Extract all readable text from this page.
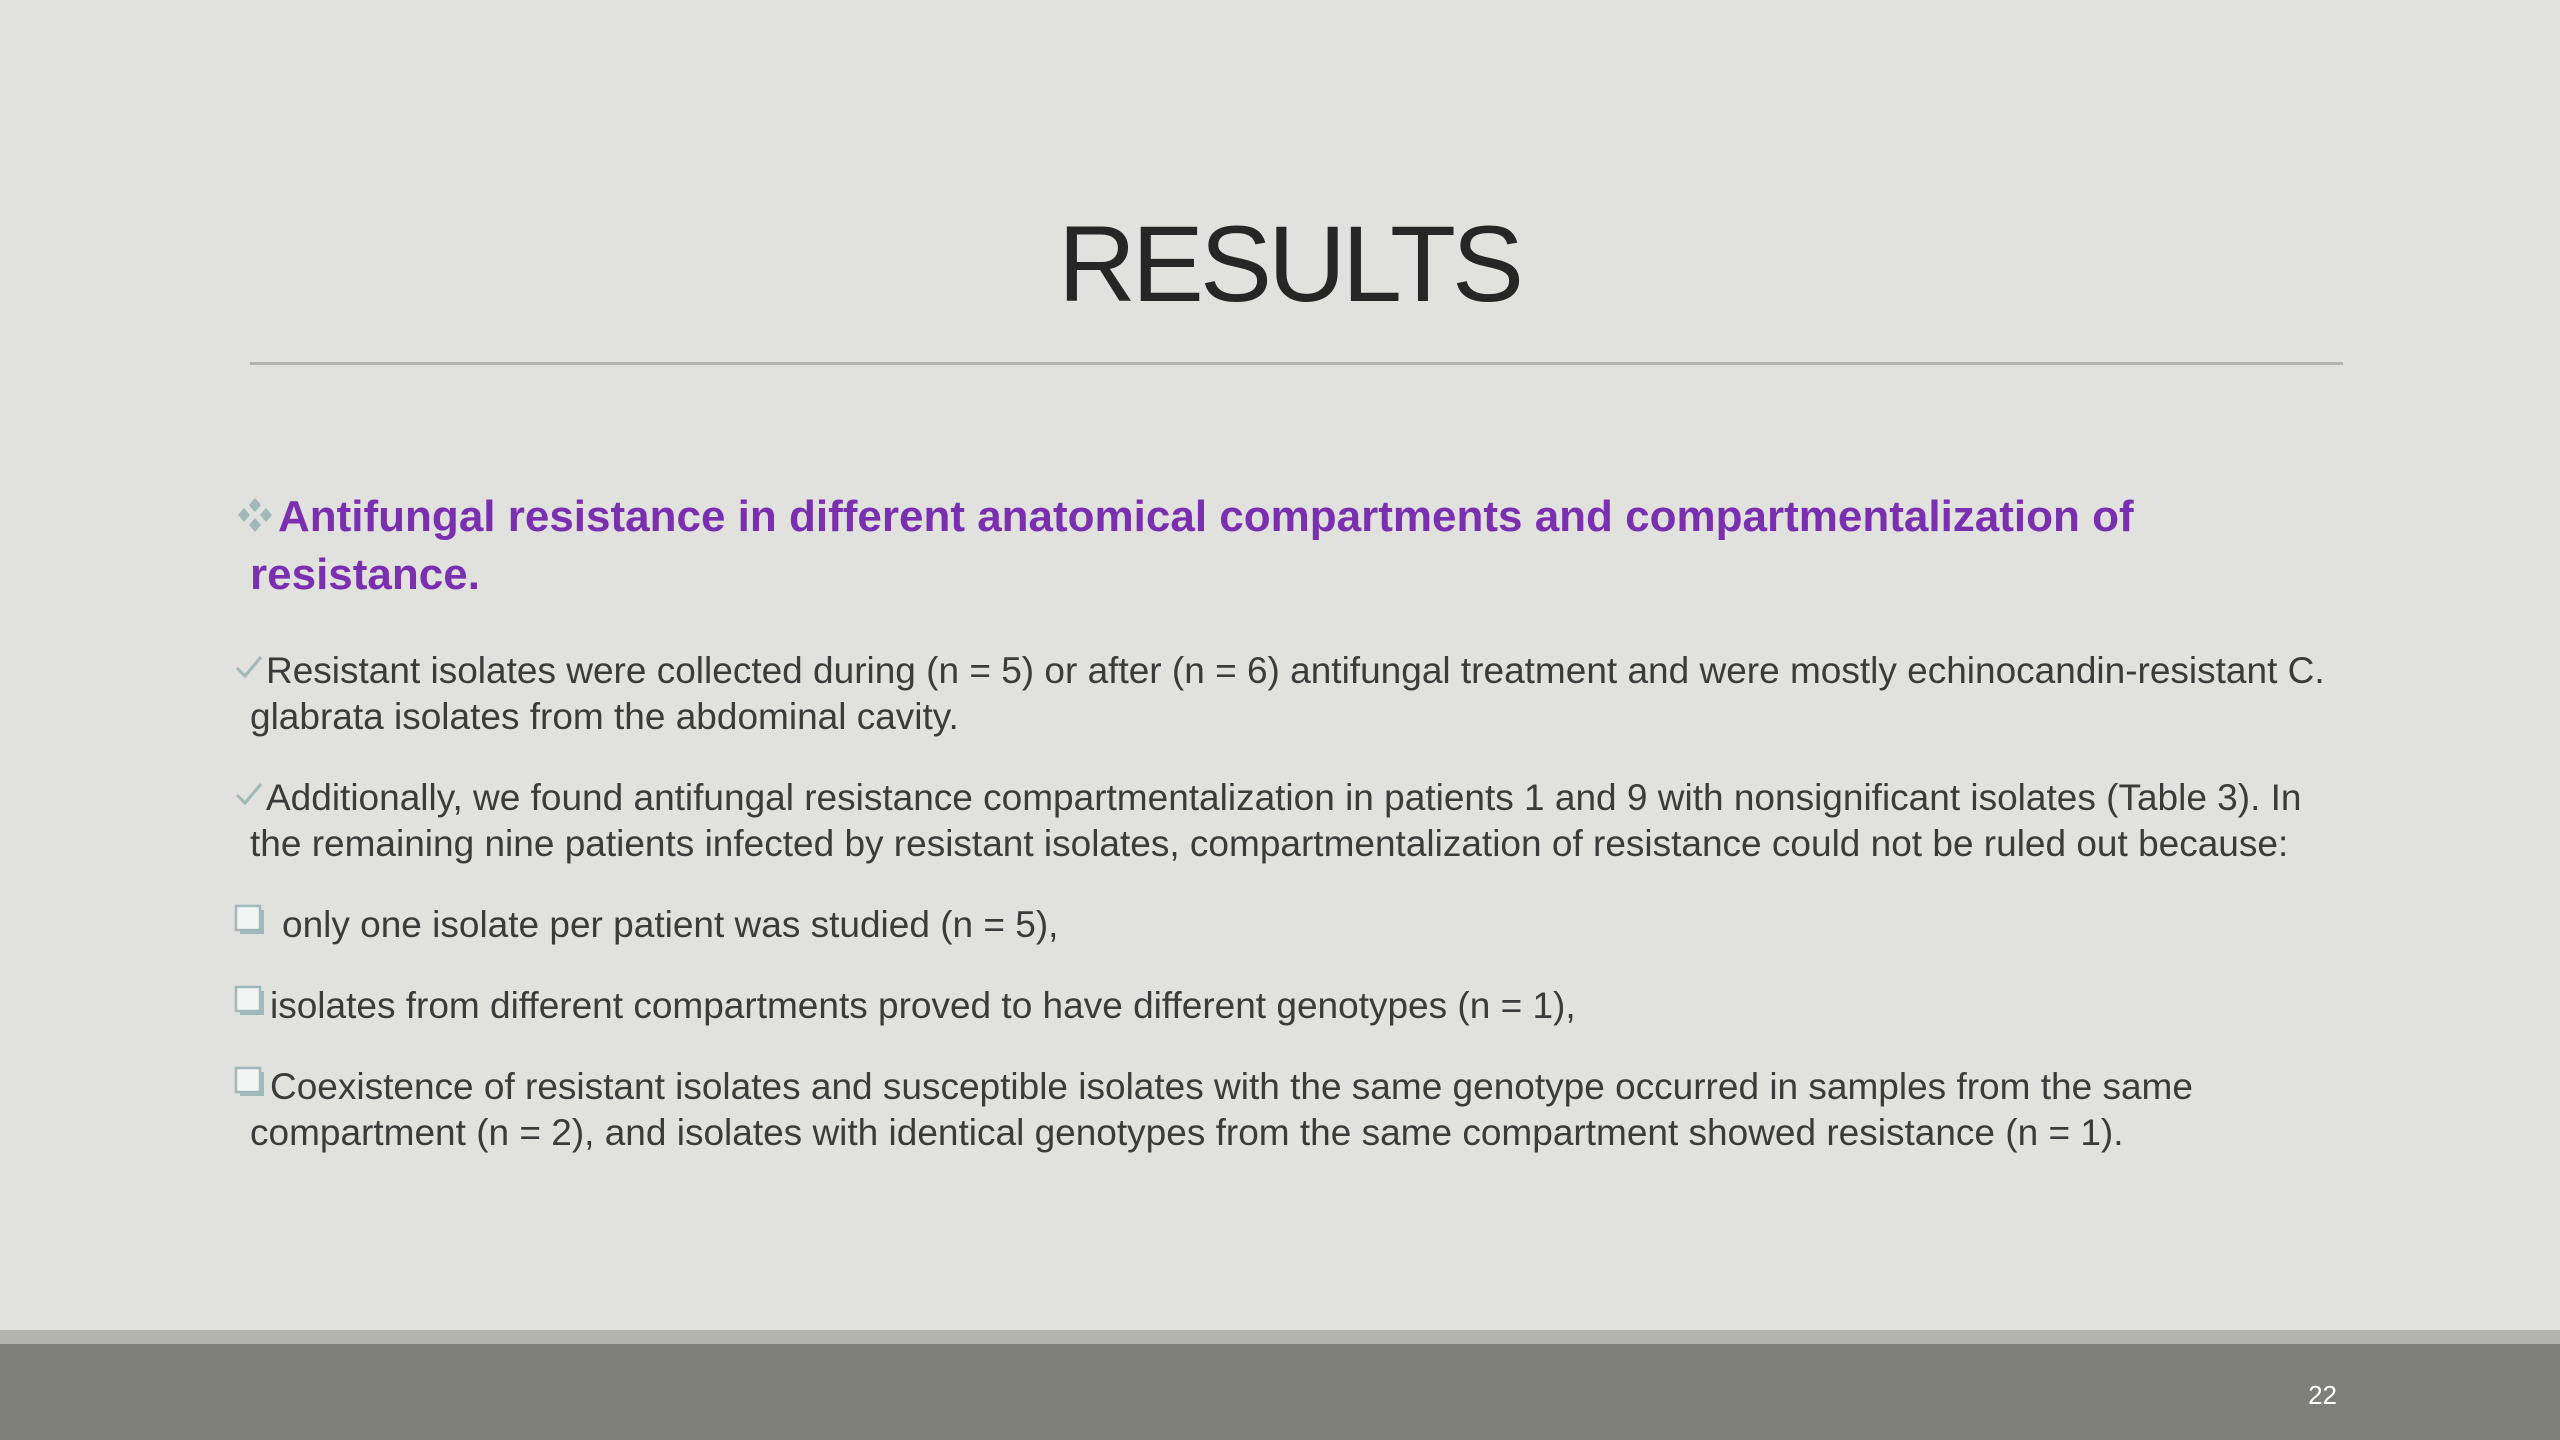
RESULTS
Antifungal resistance in different anatomical compartments and compartmentalization of resistance.
Resistant isolates were collected during (n = 5) or after (n = 6) antifungal treatment and were mostly echinocandin-resistant C. glabrata isolates from the abdominal cavity.
Additionally, we found antifungal resistance compartmentalization in patients 1 and 9 with nonsignificant isolates (Table 3). In the remaining nine patients infected by resistant isolates, compartmentalization of resistance could not be ruled out because:
only one isolate per patient was studied (n = 5),
isolates from different compartments proved to have different genotypes (n = 1),
Coexistence of resistant isolates and susceptible isolates with the same genotype occurred in samples from the same compartment (n = 2), and isolates with identical genotypes from the same compartment showed resistance (n = 1).
22
